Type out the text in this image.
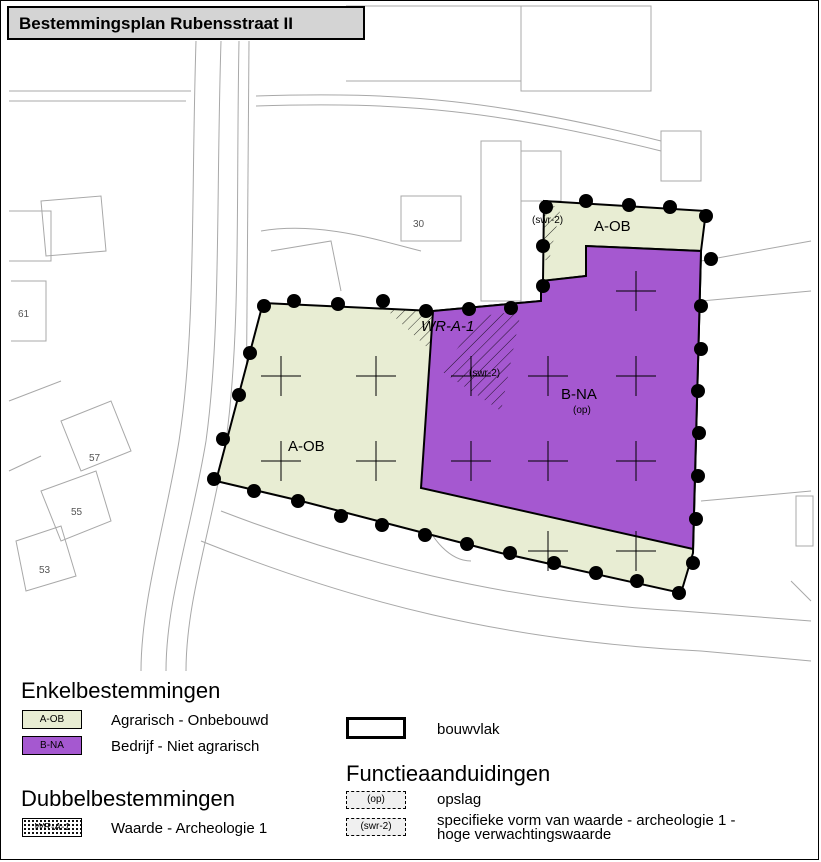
30
61
57
55
53
A-OB
A-OB
B-NA
(op)
WR-A-1
(swr-2)
(swr-2)
Bestemmingsplan Rubensstraat II
Enkelbestemmingen
A-OB	Agrarisch - Onbebouwd
B-NA	Bedrijf - Niet agrarisch
Dubbelbestemmingen
WR-A-1	Waarde - Archeologie 1
bouwvlak
Functieaanduidingen
(op)	opslag
(swr-2)	specifieke vorm van waarde - archeologie 1 -
hoge verwachtingswaarde
